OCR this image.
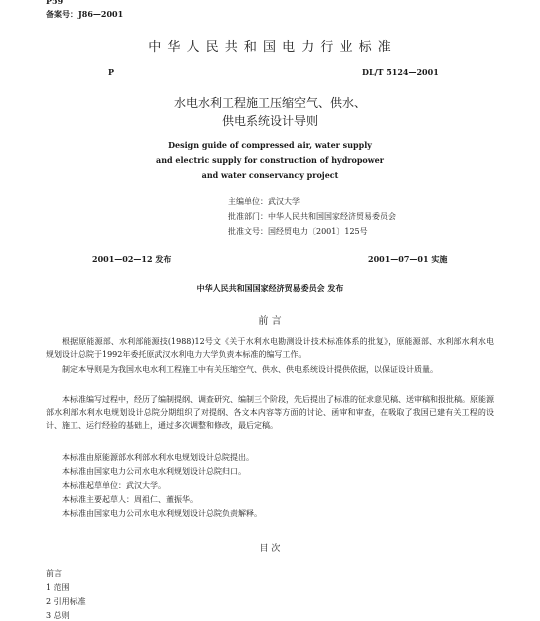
P59
备案号：J86—2001
中 华 人 民 共 和 国 电 力 行 业 标 准
P	DL/T 5124—2001
水电水利工程施工压缩空气、供水、
供电系统设计导则
Design guide of compressed air, water supply
and electric supply for construction of hydropower
and water conservancy project
主编单位：武汉大学
批准部门：中华人民共和国国家经济贸易委员会
批准文号：国经贸电力〔2001〕125号
2001—02—12 发布	2001—07—01 实施
中华人民共和国国家经济贸易委员会 发布
前 言
根据原能源部、水利部能源技(1988)12号文《关于水利水电勘测设计技术标准体系的批复》，原能源部、水利部水利水电规划设计总院于1992年委托原武汉水利电力大学负责本标准的编写工作。
制定本导则是为我国水电水利工程施工中有关压缩空气、供水、供电系统设计提供依据，以保证设计质量。
本标准编写过程中，经历了编制提纲、调查研究、编制三个阶段，先后提出了标准的征求意见稿、送审稿和报批稿。原能源部水利部水利水电规划设计总院分期组织了对提纲、各文本内容等方面的讨论、函审和审查，在吸取了我国已建有关工程的设计、施工、运行经验的基础上，通过多次调整和修改，最后定稿。
本标准由原能源部水利部水利水电规划设计总院提出。
本标准由国家电力公司水电水利规划设计总院归口。
本标准起草单位：武汉大学。
本标准主要起草人：周祖仁、董振华。
本标准由国家电力公司水电水利规划设计总院负责解释。
目 次
前言
1 范围
2 引用标准
3 总则
